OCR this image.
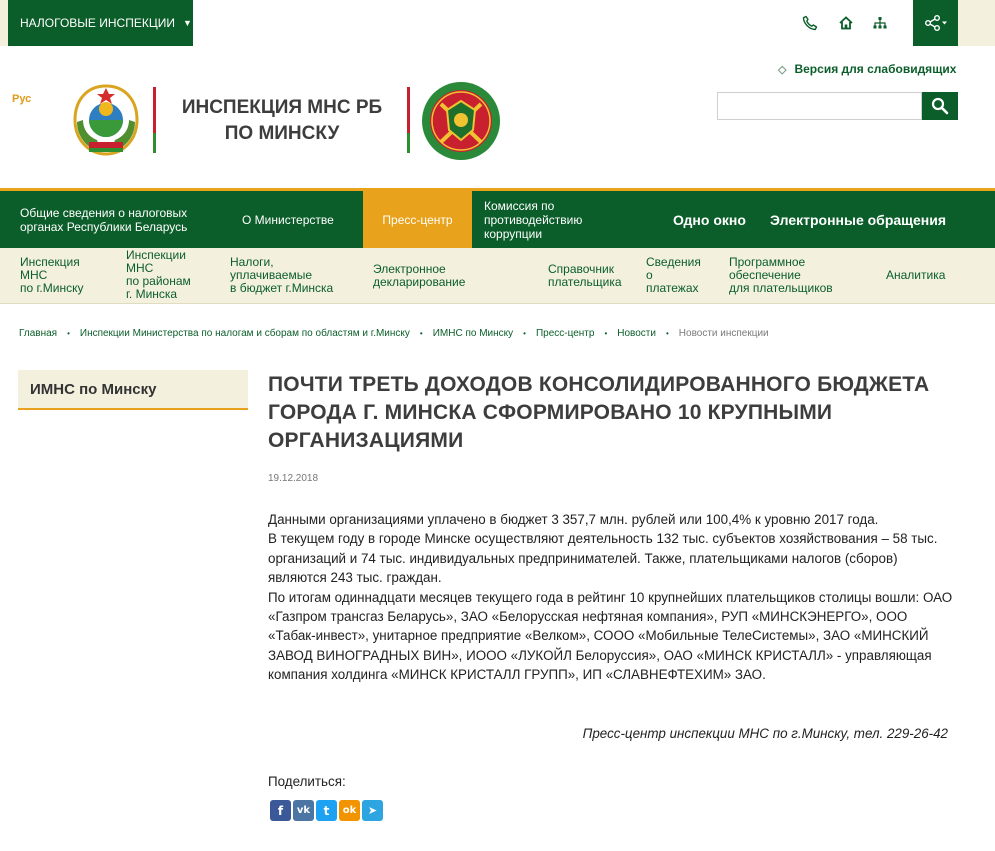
НАЛОГОВЫЕ ИНСПЕКЦИИ ▼
Рус	ИНСПЕКЦИЯ МНС РБ
ПО МИНСКУ
◇ Версия для слабовидящих
Общие сведения о налоговых
органах Республики Беларусь	О Министерстве	Пресс-центр
Комиссия по
противодействию
коррупции
Одно окно Электронные обращения
Инспекция
МНС
по г.Минску
Инспекции
МНС
по районам
г. Минска
Налоги,
уплачиваемые
в бюджет г.Минска
Электронное
декларирование
Справочник
плательщика
Сведения
о
платежах
Программное
обеспечение
для плательщиков
Аналитика
Главная • Инспекции Министерства по налогам и сборам по областям и г.Минску • ИМНС по Минску • Пресс-центр • Новости • Новости инспекции
ИМНС по Минску	ПОЧТИ ТРЕТЬ ДОХОДОВ КОНСОЛИДИРОВАННОГО БЮДЖЕТА ГОРОДА Г. МИНСКА СФОРМИРОВАНО 10 КРУПНЫМИ ОРГАНИЗАЦИЯМИ
19.12.2018

Данными организациями уплачено в бюджет 3 357,7 млн. рублей или 100,4% к уровню 2017 года.

В текущем году в городе Минске осуществляют деятельность 132 тыс. субъектов хозяйствования – 58 тыс. организаций и 74 тыс. индивидуальных предпринимателей. Также, плательщиками налогов (сборов) являются 243 тыс. граждан.

По итогам одиннадцати месяцев текущего года в рейтинг 10 крупнейших плательщиков столицы вошли: ОАО «Газпром трансгаз Беларусь», ЗАО «Белорусская нефтяная компания», РУП «МИНСКЭНЕРГО», ООО «Табак-инвест», унитарное предприятие «Велком», СООО «Мобильные ТелеСистемы», ЗАО «МИНСКИЙ ЗАВОД ВИНОГРАДНЫХ ВИН», ИООО «ЛУКОЙЛ Белоруссия», ОАО «МИНСК КРИСТАЛЛ» - управляющая компания холдинга «МИНСК КРИСТАЛЛ ГРУПП», ИП «СЛАВНЕФТЕХИМ» ЗАО.

Пресс-центр инспекции МНС по г.Минску, тел. 229-26-42
Поделиться:
f	vk	t	ok	➤
